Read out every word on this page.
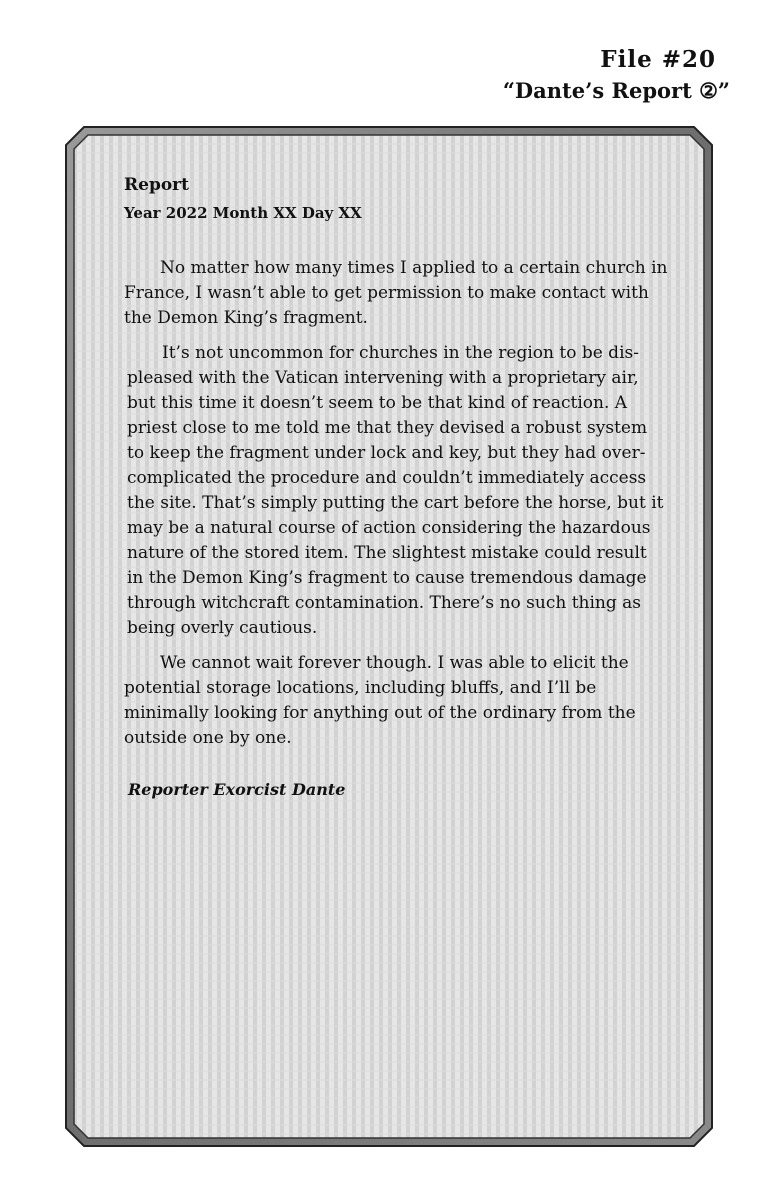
File #20
“Dante’s Report ②”
Report
Year 2022 Month XX Day XX
No matter how many times I applied to a certain church in
France, I wasn’t able to get permission to make contact with
the Demon King’s fragment.
It’s not uncommon for churches in the region to be dis-
pleased with the Vatican intervening with a proprietary air,
but this time it doesn’t seem to be that kind of reaction. A
priest close to me told me that they devised a robust system
to keep the fragment under lock and key, but they had over-
complicated the procedure and couldn’t immediately access
the site. That’s simply putting the cart before the horse, but it
may be a natural course of action considering the hazardous
nature of the stored item. The slightest mistake could result
in the Demon King’s fragment to cause tremendous damage
through witchcraft contamination. There’s no such thing as
being overly cautious.
We cannot wait forever though. I was able to elicit the
potential storage locations, including bluffs, and I’ll be
minimally looking for anything out of the ordinary from the
outside one by one.
Reporter Exorcist Dante
